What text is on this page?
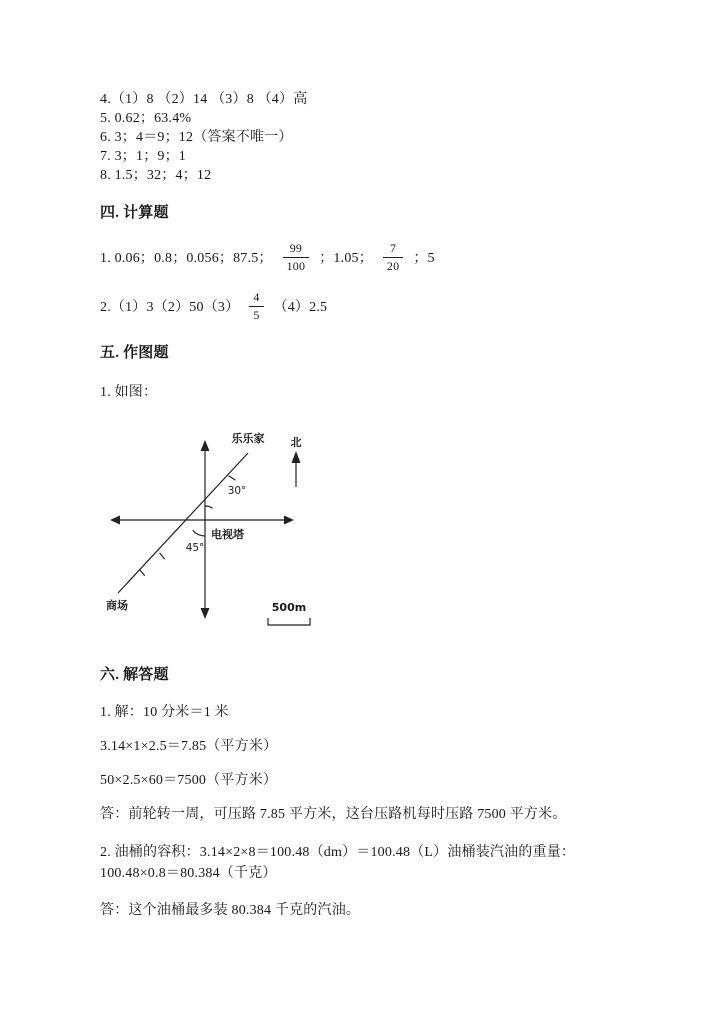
4.（1）8 （2）14 （3）8 （4）高
5. 0.62；63.4%
6. 3；4＝9；12（答案不唯一）
7. 3；1；9；1
8. 1.5；32；4；12
四. 计算题
1. 0.06；0.8；0.056；87.5； $\frac{99}{100}$ ；1.05； $\frac{7}{20}$ ；5
$2.(1)3(2)50(3) \frac{4}{5} (4)2.5$
五. 作图题
1. 如图：
乐乐家 北
30°
电视塔
45°
商场	500m
六. 解答题
1. 解：10 分米＝1 米
3.14×1×2.5＝7.85（平方米）
50×2.5×60＝7500（平方米）
答：前轮转一周，可压路 7.85 平方米，这台压路机每时压路 7500 平方米。
2. 油桶的容积：3.14×2×8＝100.48（dm）＝100.48（L）油桶装汽油的重量：
100.48×0.8＝80.384（千克）
答：这个油桶最多装 80.384 千克的汽油。
